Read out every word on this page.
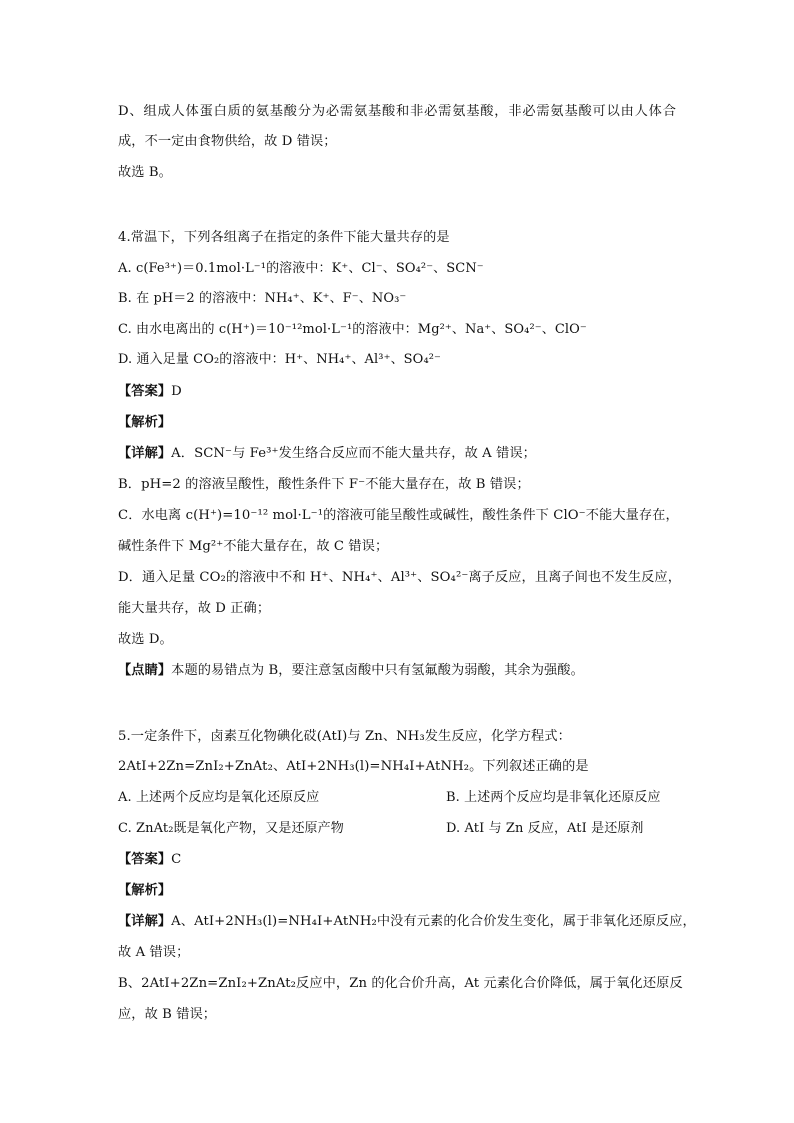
D、组成人体蛋白质的氨基酸分为必需氨基酸和非必需氨基酸，非必需氨基酸可以由人体合
成，不一定由食物供给，故 D 错误；
故选 B。
4.常温下，下列各组离子在指定的条件下能大量共存的是
A. c(Fe³⁺)＝0.1mol·L⁻¹的溶液中：K⁺、Cl⁻、SO₄²⁻、SCN⁻
B. 在 pH＝2 的溶液中：NH₄⁺、K⁺、F⁻、NO₃⁻
C. 由水电离出的 c(H⁺)＝10⁻¹²mol·L⁻¹的溶液中：Mg²⁺、Na⁺、SO₄²⁻、ClO⁻
D. 通入足量 CO₂的溶液中：H⁺、NH₄⁺、Al³⁺、SO₄²⁻
【答案】D
【解析】
【详解】A．SCN⁻与 Fe³⁺发生络合反应而不能大量共存，故 A 错误；
B．pH=2 的溶液呈酸性，酸性条件下 F⁻不能大量存在，故 B 错误；
C．水电离 c(H⁺)=10⁻¹² mol·L⁻¹的溶液可能呈酸性或碱性，酸性条件下 ClO⁻不能大量存在，
碱性条件下 Mg²⁺不能大量存在，故 C 错误；
D．通入足量 CO₂的溶液中不和 H⁺、NH₄⁺、Al³⁺、SO₄²⁻离子反应，且离子间也不发生反应，
能大量共存，故 D 正确；
故选 D。
【点睛】本题的易错点为 B，要注意氢卤酸中只有氢氟酸为弱酸，其余为强酸。
5.一定条件下，卤素互化物碘化砹(AtI)与 Zn、NH₃发生反应，化学方程式：
2AtI+2Zn=ZnI₂+ZnAt₂、AtI+2NH₃(l)=NH₄I+AtNH₂。下列叙述正确的是
A. 上述两个反应均是氧化还原反应	B. 上述两个反应均是非氧化还原反应
C. ZnAt₂既是氧化产物，又是还原产物	D. AtI 与 Zn 反应，AtI 是还原剂
【答案】C
【解析】
【详解】A、AtI+2NH₃(l)=NH₄I+AtNH₂中没有元素的化合价发生变化，属于非氧化还原反应，
故 A 错误；
B、2AtI+2Zn=ZnI₂+ZnAt₂反应中，Zn 的化合价升高，At 元素化合价降低，属于氧化还原反
应，故 B 错误；
